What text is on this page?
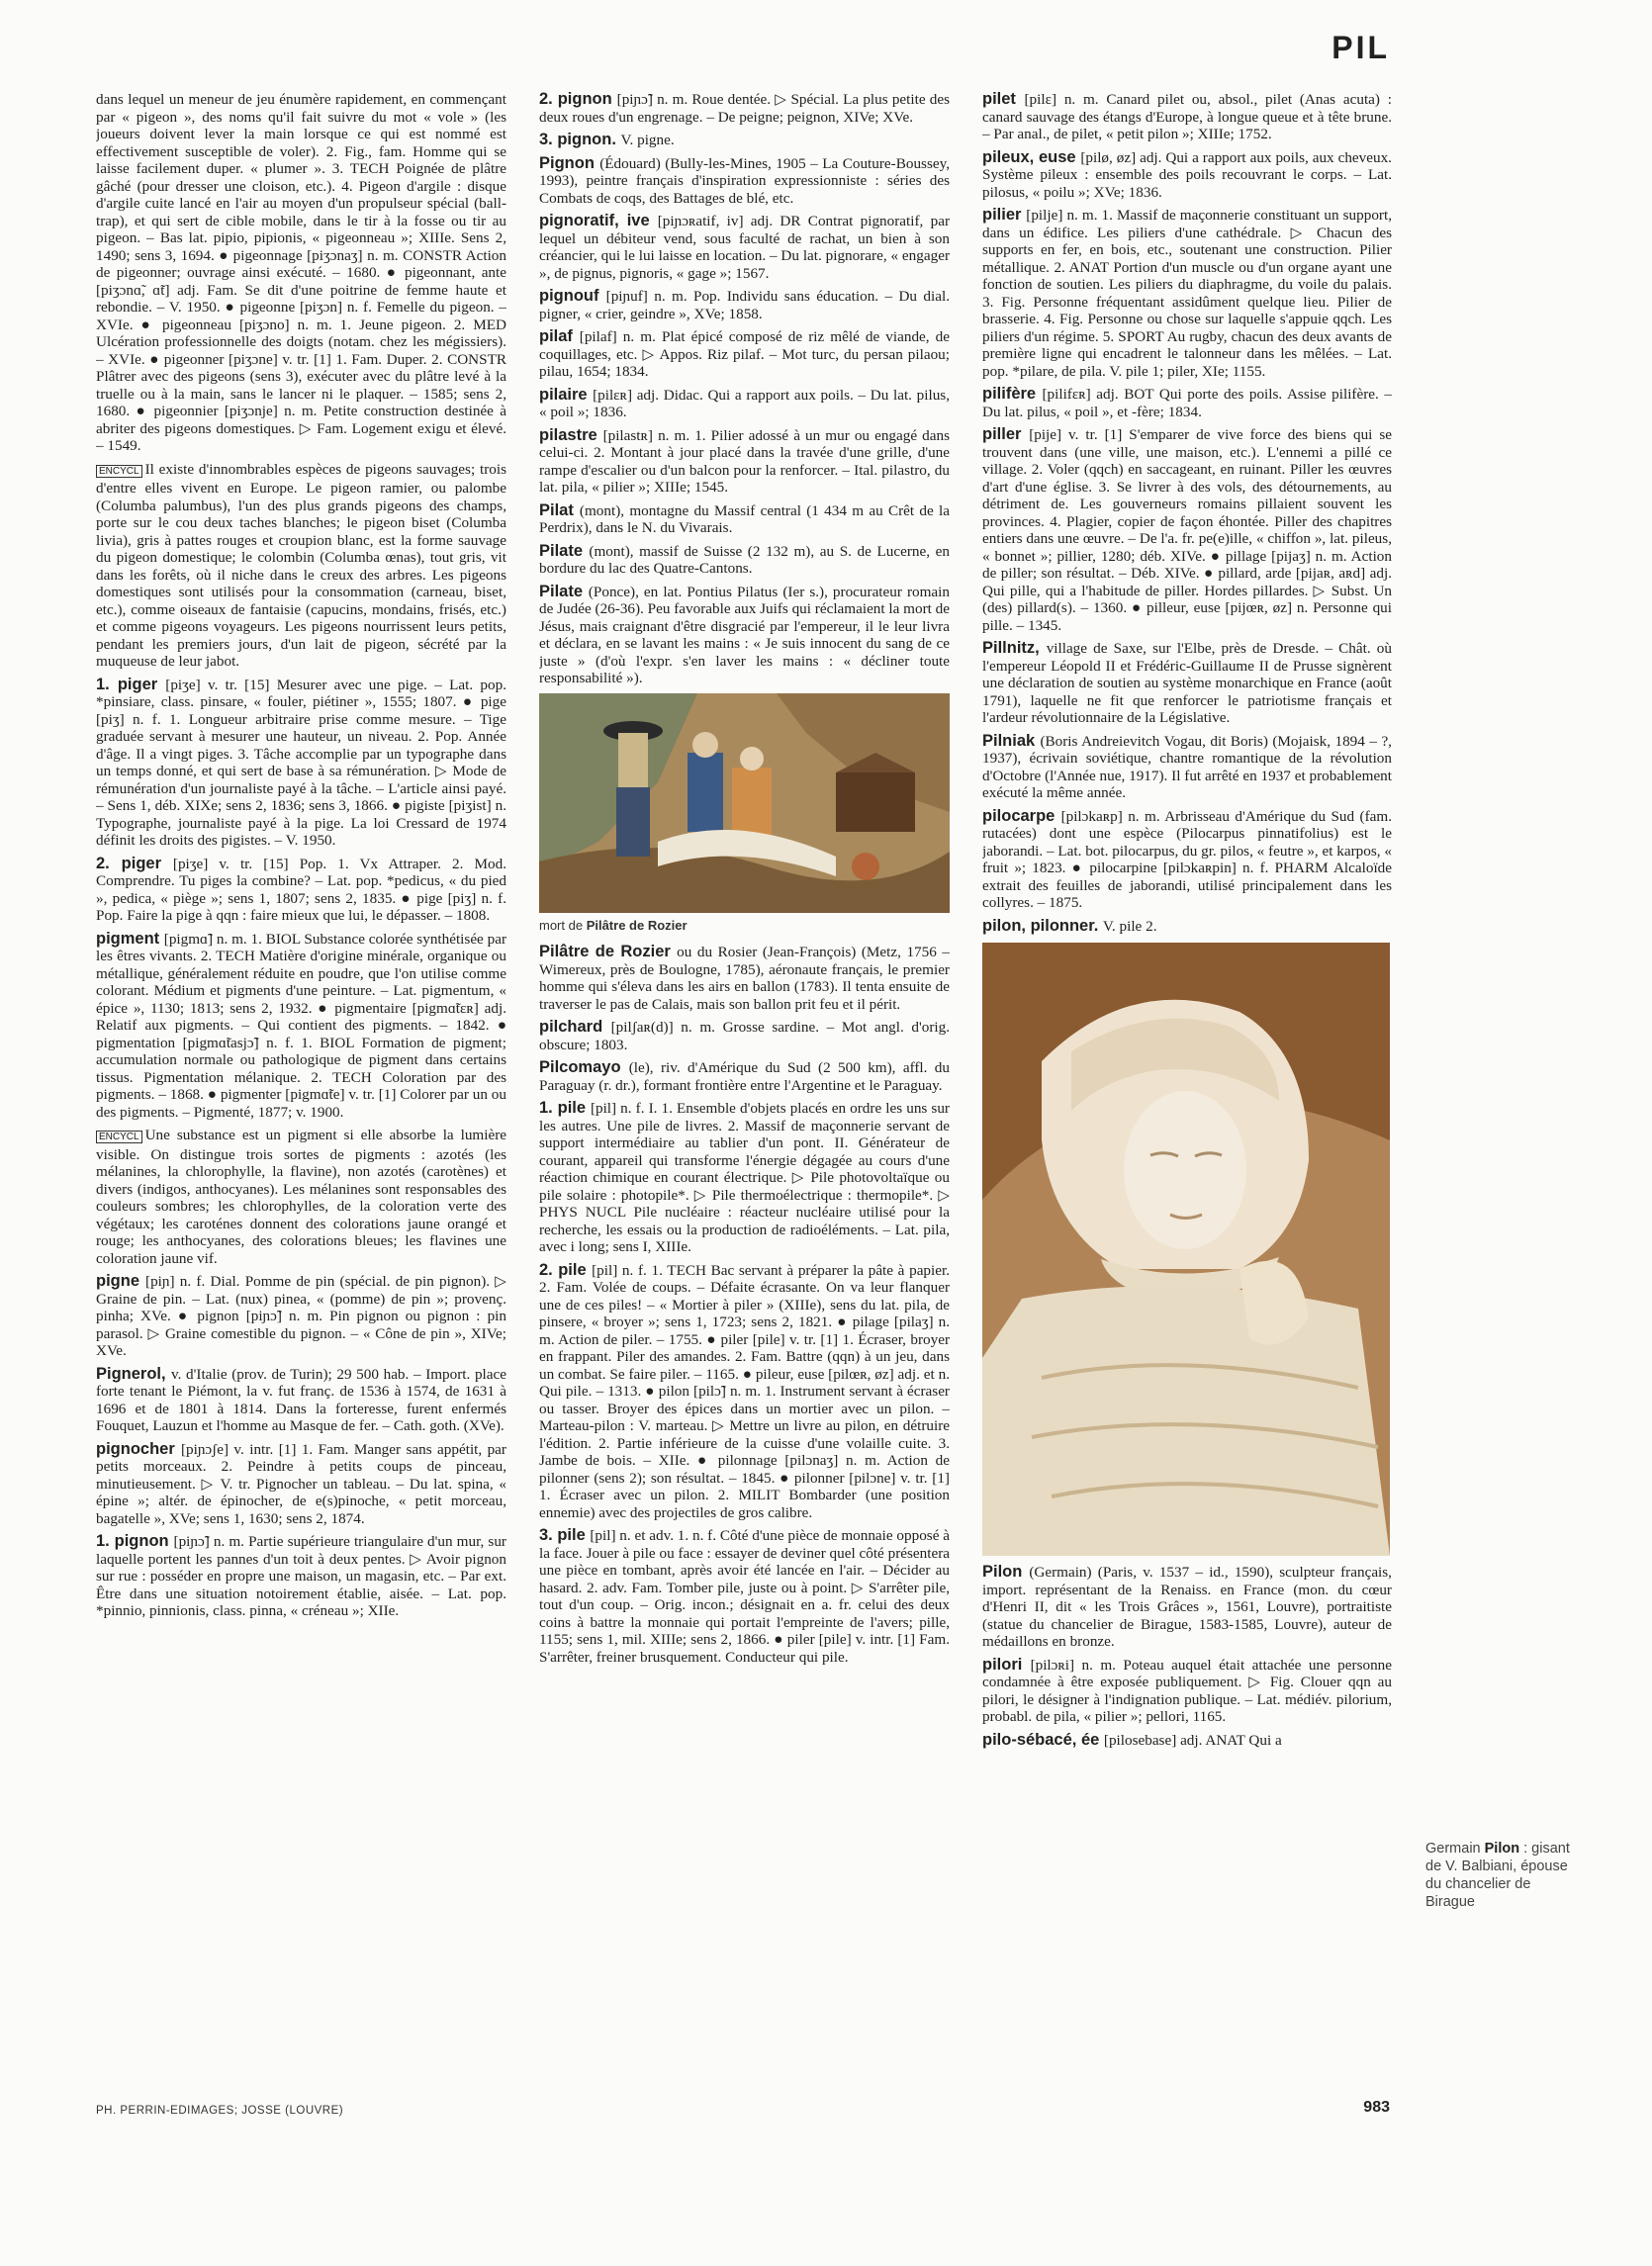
PIL

dans lequel un meneur de jeu énumère rapidement, en commençant par « pigeon », des noms qu'il fait suivre du mot « vole » (les joueurs doivent lever la main lorsque ce qui est nommé est effectivement susceptible de voler). 2. Fig., fam. Homme qui se laisse facilement duper. « plumer ». 3. TECH Poignée de plâtre gâché (pour dresser une cloison, etc.). 4. Pigeon d'argile : disque d'argile cuite lancé en l'air au moyen d'un propulseur spécial (ball-trap), et qui sert de cible mobile, dans le tir à la fosse ou tir au pigeon. – Bas lat. pipio, pipionis, « pigeonneau »; XIIIe. Sens 2, 1490; sens 3, 1694. ● pigeonnage [piʒɔnaʒ] n. m. CONSTR Action de pigeonner; ouvrage ainsi exécuté. – 1680. ● pigeonnant, ante [piʒɔnɑ̃, ɑ̃t] adj. Fam. Se dit d'une poitrine de femme haute et rebondie. – V. 1950. ● pigeonne [piʒɔn] n. f. Femelle du pigeon. – XVIe. ● pigeonneau [piʒɔno] n. m. 1. Jeune pigeon. 2. MED Ulcération professionnelle des doigts (notam. chez les mégissiers). – XVIe. ● pigeonner [piʒɔne] v. tr. [1] 1. Fam. Duper. 2. CONSTR Plâtrer avec des pigeons (sens 3), exécuter avec du plâtre levé à la truelle ou à la main, sans le lancer ni le plaquer. – 1585; sens 2, 1680. ● pigeonnier [piʒɔnje] n. m. Petite construction destinée à abriter des pigeons domestiques. ▷ Fam. Logement exigu et élevé. – 1549.

ENCYCL Il existe d'innombrables espèces de pigeons sauvages; trois d'entre elles vivent en Europe. Le pigeon ramier, ou palombe (Columba palumbus), l'un des plus grands pigeons des champs, porte sur le cou deux taches blanches; le pigeon biset (Columba livia), gris à pattes rouges et croupion blanc, est la forme sauvage du pigeon domestique; le colombin (Columba œnas), tout gris, vit dans les forêts, où il niche dans le creux des arbres. Les pigeons domestiques sont utilisés pour la consommation (carneau, biset, etc.), comme oiseaux de fantaisie (capucins, mondains, frisés, etc.) et comme pigeons voyageurs. Les pigeons nourrissent leurs petits, pendant les premiers jours, d'un lait de pigeon, sécrété par la muqueuse de leur jabot.

1. piger [piʒe] v. tr. [15] Mesurer avec une pige. – Lat. pop. *pinsiare, class. pinsare, « fouler, piétiner », 1555; 1807. ● pige [piʒ] n. f. 1. Longueur arbitraire prise comme mesure. – Tige graduée servant à mesurer une hauteur, un niveau. 2. Pop. Année d'âge. Il a vingt piges. 3. Tâche accomplie par un typographe dans un temps donné, et qui sert de base à sa rémunération. ▷ Mode de rémunération d'un journaliste payé à la tâche. – L'article ainsi payé. – Sens 1, déb. XIXe; sens 2, 1836; sens 3, 1866. ● pigiste [piʒist] n. Typographe, journaliste payé à la pige. La loi Cressard de 1974 définit les droits des pigistes. – V. 1950.

2. piger [piʒe] v. tr. [15] Pop. 1. Vx Attraper. 2. Mod. Comprendre. Tu piges la combine? – Lat. pop. *pedicus, « du pied », pedica, « piège »; sens 1, 1807; sens 2, 1835. ● pige [piʒ] n. f. Pop. Faire la pige à qqn : faire mieux que lui, le dépasser. – 1808.

pigment [pigmɑ̃] n. m. 1. BIOL Substance colorée synthétisée par les êtres vivants. 2. TECH Matière d'origine minérale, organique ou métallique, généralement réduite en poudre, que l'on utilise comme colorant. Médium et pigments d'une peinture. – Lat. pigmentum, « épice », 1130; 1813; sens 2, 1932. ● pigmentaire [pigmɑ̃tɛʀ] adj. Relatif aux pigments. – Qui contient des pigments. – 1842. ● pigmentation [pigmɑ̃tasjɔ̃] n. f. 1. BIOL Formation de pigment; accumulation normale ou pathologique de pigment dans certains tissus. Pigmentation mélanique. 2. TECH Coloration par des pigments. – 1868. ● pigmenter [pigmɑ̃te] v. tr. [1] Colorer par un ou des pigments. – Pigmenté, 1877; v. 1900.

ENCYCL Une substance est un pigment si elle absorbe la lumière visible. On distingue trois sortes de pigments : azotés (les mélanines, la chlorophylle, la flavine), non azotés (carotènes) et divers (indigos, anthocyanes). Les mélanines sont responsables des couleurs sombres; les chlorophylles, de la coloration verte des végétaux; les caroténes donnent des colorations jaune orangé et rouge; les anthocyanes, des colorations bleues; les flavines une coloration jaune vif.

pigne [piɲ] n. f. Dial. Pomme de pin (spécial. de pin pignon). ▷ Graine de pin. – Lat. (nux) pinea, « (pomme) de pin »; provenç. pinha; XVe. ● pignon [piɲɔ̃] n. m. Pin pignon ou pignon : pin parasol. ▷ Graine comestible du pignon. – « Cône de pin », XIVe; XVe.

Pignerol, v. d'Italie (prov. de Turin); 29 500 hab. – Import. place forte tenant le Piémont, la v. fut franç. de 1536 à 1574, de 1631 à 1696 et de 1801 à 1814. Dans la forteresse, furent enfermés Fouquet, Lauzun et l'homme au Masque de fer. – Cath. goth. (XVe).

pignocher [piɲɔʃe] v. intr. [1] 1. Fam. Manger sans appétit, par petits morceaux. 2. Peindre à petits coups de pinceau, minutieusement. ▷ V. tr. Pignocher un tableau. – Du lat. spina, « épine »; altér. de épinocher, de e(s)pinoche, « petit morceau, bagatelle », XVe; sens 1, 1630; sens 2, 1874.

1. pignon [piɲɔ̃] n. m. Partie supérieure triangulaire d'un mur, sur laquelle portent les pannes d'un toit à deux pentes. ▷ Avoir pignon sur rue : posséder en propre une maison, un magasin, etc. – Par ext. Être dans une situation notoirement établie, aisée. – Lat. pop. *pinnio, pinnionis, class. pinna, « créneau »; XIIe.

2. pignon [piɲɔ̃] n. m. Roue dentée. ▷ Spécial. La plus petite des deux roues d'un engrenage. – De peigne; peignon, XIVe; XVe.

3. pignon. V. pigne.

Pignon (Édouard) (Bully-les-Mines, 1905 – La Couture-Boussey, 1993), peintre français d'inspiration expressionniste : séries des Combats de coqs, des Battages de blé, etc.

pignoratif, ive [piɲɔʀatif, iv] adj. DR Contrat pignoratif, par lequel un débiteur vend, sous faculté de rachat, un bien à son créancier, qui le lui laisse en location. – Du lat. pignorare, « engager », de pignus, pignoris, « gage »; 1567.

pignouf [piɲuf] n. m. Pop. Individu sans éducation. – Du dial. pigner, « crier, geindre », XVe; 1858.

pilaf [pilaf] n. m. Plat épicé composé de riz mêlé de viande, de coquillages, etc. ▷ Appos. Riz pilaf. – Mot turc, du persan pilaou; pilau, 1654; 1834.

pilaire [pilɛʀ] adj. Didac. Qui a rapport aux poils. – Du lat. pilus, « poil »; 1836.

pilastre [pilastʀ] n. m. 1. Pilier adossé à un mur ou engagé dans celui-ci. 2. Montant à jour placé dans la travée d'une grille, d'une rampe d'escalier ou d'un balcon pour la renforcer. – Ital. pilastro, du lat. pila, « pilier »; XIIIe; 1545.

Pilat (mont), montagne du Massif central (1 434 m au Crêt de la Perdrix), dans le N. du Vivarais.

Pilate (mont), massif de Suisse (2 132 m), au S. de Lucerne, en bordure du lac des Quatre-Cantons.

Pilate (Ponce), en lat. Pontius Pilatus (Ier s.), procurateur romain de Judée (26-36). Peu favorable aux Juifs qui réclamaient la mort de Jésus, mais craignant d'être disgracié par l'empereur, il le leur livra et déclara, en se lavant les mains : « Je suis innocent du sang de ce juste » (d'où l'expr. s'en laver les mains : « décliner toute responsabilité »).

mort de Pilâtre de Rozier

Pilâtre de Rozier ou du Rosier (Jean-François) (Metz, 1756 – Wimereux, près de Boulogne, 1785), aéronaute français, le premier homme qui s'éleva dans les airs en ballon (1783). Il tenta ensuite de traverser le pas de Calais, mais son ballon prit feu et il périt.

pilchard [pilʃaʀ(d)] n. m. Grosse sardine. – Mot angl. d'orig. obscure; 1803.

Pilcomayo (le), riv. d'Amérique du Sud (2 500 km), affl. du Paraguay (r. dr.), formant frontière entre l'Argentine et le Paraguay.

1. pile [pil] n. f. I. 1. Ensemble d'objets placés en ordre les uns sur les autres. Une pile de livres. 2. Massif de maçonnerie servant de support intermédiaire au tablier d'un pont. II. Générateur de courant, appareil qui transforme l'énergie dégagée au cours d'une réaction chimique en courant électrique. ▷ Pile photovoltaïque ou pile solaire : photopile*. ▷ Pile thermoélectrique : thermopile*. ▷ PHYS NUCL Pile nucléaire : réacteur nucléaire utilisé pour la recherche, les essais ou la production de radioéléments. – Lat. pila, avec i long; sens I, XIIIe.

2. pile [pil] n. f. 1. TECH Bac servant à préparer la pâte à papier. 2. Fam. Volée de coups. – Défaite écrasante. On va leur flanquer une de ces piles! – « Mortier à piler » (XIIIe), sens du lat. pila, de pinsere, « broyer »; sens 1, 1723; sens 2, 1821. ● pilage [pilaʒ] n. m. Action de piler. – 1755. ● piler [pile] v. tr. [1] 1. Écraser, broyer en frappant. Piler des amandes. 2. Fam. Battre (qqn) à un jeu, dans un combat. Se faire piler. – 1165. ● pileur, euse [pilœʀ, øz] adj. et n. Qui pile. – 1313. ● pilon [pilɔ̃] n. m. 1. Instrument servant à écraser ou tasser. Broyer des épices dans un mortier avec un pilon. – Marteau-pilon : V. marteau. ▷ Mettre un livre au pilon, en détruire l'édition. 2. Partie inférieure de la cuisse d'une volaille cuite. 3. Jambe de bois. – XIIe. ● pilonnage [pilɔnaʒ] n. m. Action de pilonner (sens 2); son résultat. – 1845. ● pilonner [pilɔne] v. tr. [1] 1. Écraser avec un pilon. 2. MILIT Bombarder (une position ennemie) avec des projectiles de gros calibre.

3. pile [pil] n. et adv. 1. n. f. Côté d'une pièce de monnaie opposé à la face. Jouer à pile ou face : essayer de deviner quel côté présentera une pièce en tombant, après avoir été lancée en l'air. – Décider au hasard. 2. adv. Fam. Tomber pile, juste ou à point. ▷ S'arrêter pile, tout d'un coup. – Orig. incon.; désignait en a. fr. celui des deux coins à battre la monnaie qui portait l'empreinte de l'avers; pille, 1155; sens 1, mil. XIIIe; sens 2, 1866. ● piler [pile] v. intr. [1] Fam. S'arrêter, freiner brusquement. Conducteur qui pile.

pilet [pilɛ] n. m. Canard pilet ou, absol., pilet (Anas acuta) : canard sauvage des étangs d'Europe, à longue queue et à tête brune. – Par anal., de pilet, « petit pilon »; XIIIe; 1752.

pileux, euse [pilø, øz] adj. Qui a rapport aux poils, aux cheveux. Système pileux : ensemble des poils recouvrant le corps. – Lat. pilosus, « poilu »; XVe; 1836.

pilier [pilje] n. m. 1. Massif de maçonnerie constituant un support, dans un édifice. Les piliers d'une cathédrale. ▷ Chacun des supports en fer, en bois, etc., soutenant une construction. Pilier métallique. 2. ANAT Portion d'un muscle ou d'un organe ayant une fonction de soutien. Les piliers du diaphragme, du voile du palais. 3. Fig. Personne fréquentant assidûment quelque lieu. Pilier de brasserie. 4. Fig. Personne ou chose sur laquelle s'appuie qqch. Les piliers d'un régime. 5. SPORT Au rugby, chacun des deux avants de première ligne qui encadrent le talonneur dans les mêlées. – Lat. pop. *pilare, de pila. V. pile 1; piler, XIe; 1155.

pilifère [pilifɛʀ] adj. BOT Qui porte des poils. Assise pilifère. – Du lat. pilus, « poil », et -fère; 1834.

piller [pije] v. tr. [1] S'emparer de vive force des biens qui se trouvent dans (une ville, une maison, etc.). L'ennemi a pillé ce village. 2. Voler (qqch) en saccageant, en ruinant. Piller les œuvres d'art d'une église. 3. Se livrer à des vols, des détournements, au détriment de. Les gouverneurs romains pillaient souvent les provinces. 4. Plagier, copier de façon éhontée. Piller des chapitres entiers dans une œuvre. – De l'a. fr. pe(e)ille, « chiffon », lat. pileus, « bonnet »; pillier, 1280; déb. XIVe. ● pillage [pijaʒ] n. m. Action de piller; son résultat. – Déb. XIVe. ● pillard, arde [pijaʀ, aʀd] adj. Qui pille, qui a l'habitude de piller. Hordes pillardes. ▷ Subst. Un (des) pillard(s). – 1360. ● pilleur, euse [pijœʀ, øz] n. Personne qui pille. – 1345.

Pillnitz, village de Saxe, sur l'Elbe, près de Dresde. – Chât. où l'empereur Léopold II et Frédéric-Guillaume II de Prusse signèrent une déclaration de soutien au système monarchique en France (août 1791), laquelle ne fit que renforcer le patriotisme français et l'ardeur révolutionnaire de la Législative.

Pilniak (Boris Andreievitch Vogau, dit Boris) (Mojaisk, 1894 – ?, 1937), écrivain soviétique, chantre romantique de la révolution d'Octobre (l'Année nue, 1917). Il fut arrêté en 1937 et probablement exécuté la même année.

pilocarpe [pilɔkaʀp] n. m. Arbrisseau d'Amérique du Sud (fam. rutacées) dont une espèce (Pilocarpus pinnatifolius) est le jaborandi. – Lat. bot. pilocarpus, du gr. pilos, « feutre », et karpos, « fruit »; 1823. ● pilocarpine [pilɔkaʀpin] n. f. PHARM Alcaloïde extrait des feuilles de jaborandi, utilisé principalement dans les collyres. – 1875.

pilon, pilonner. V. pile 2.

Pilon (Germain) (Paris, v. 1537 – id., 1590), sculpteur français, import. représentant de la Renaiss. en France (mon. du cœur d'Henri II, dit « les Trois Grâces », 1561, Louvre), portraitiste (statue du chancelier de Birague, 1583-1585, Louvre), auteur de médaillons en bronze.

pilori [pilɔʀi] n. m. Poteau auquel était attachée une personne condamnée à être exposée publiquement. ▷ Fig. Clouer qqn au pilori, le désigner à l'indignation publique. – Lat. médiév. pilorium, probabl. de pila, « pilier »; pellori, 1165.

pilo-sébacé, ée [pilosebase] adj. ANAT Qui a

Germain Pilon : gisant de V. Balbiani, épouse du chancelier de Birague
PH. PERRIN-EDIMAGES; JOSSE (LOUVRE)	983
